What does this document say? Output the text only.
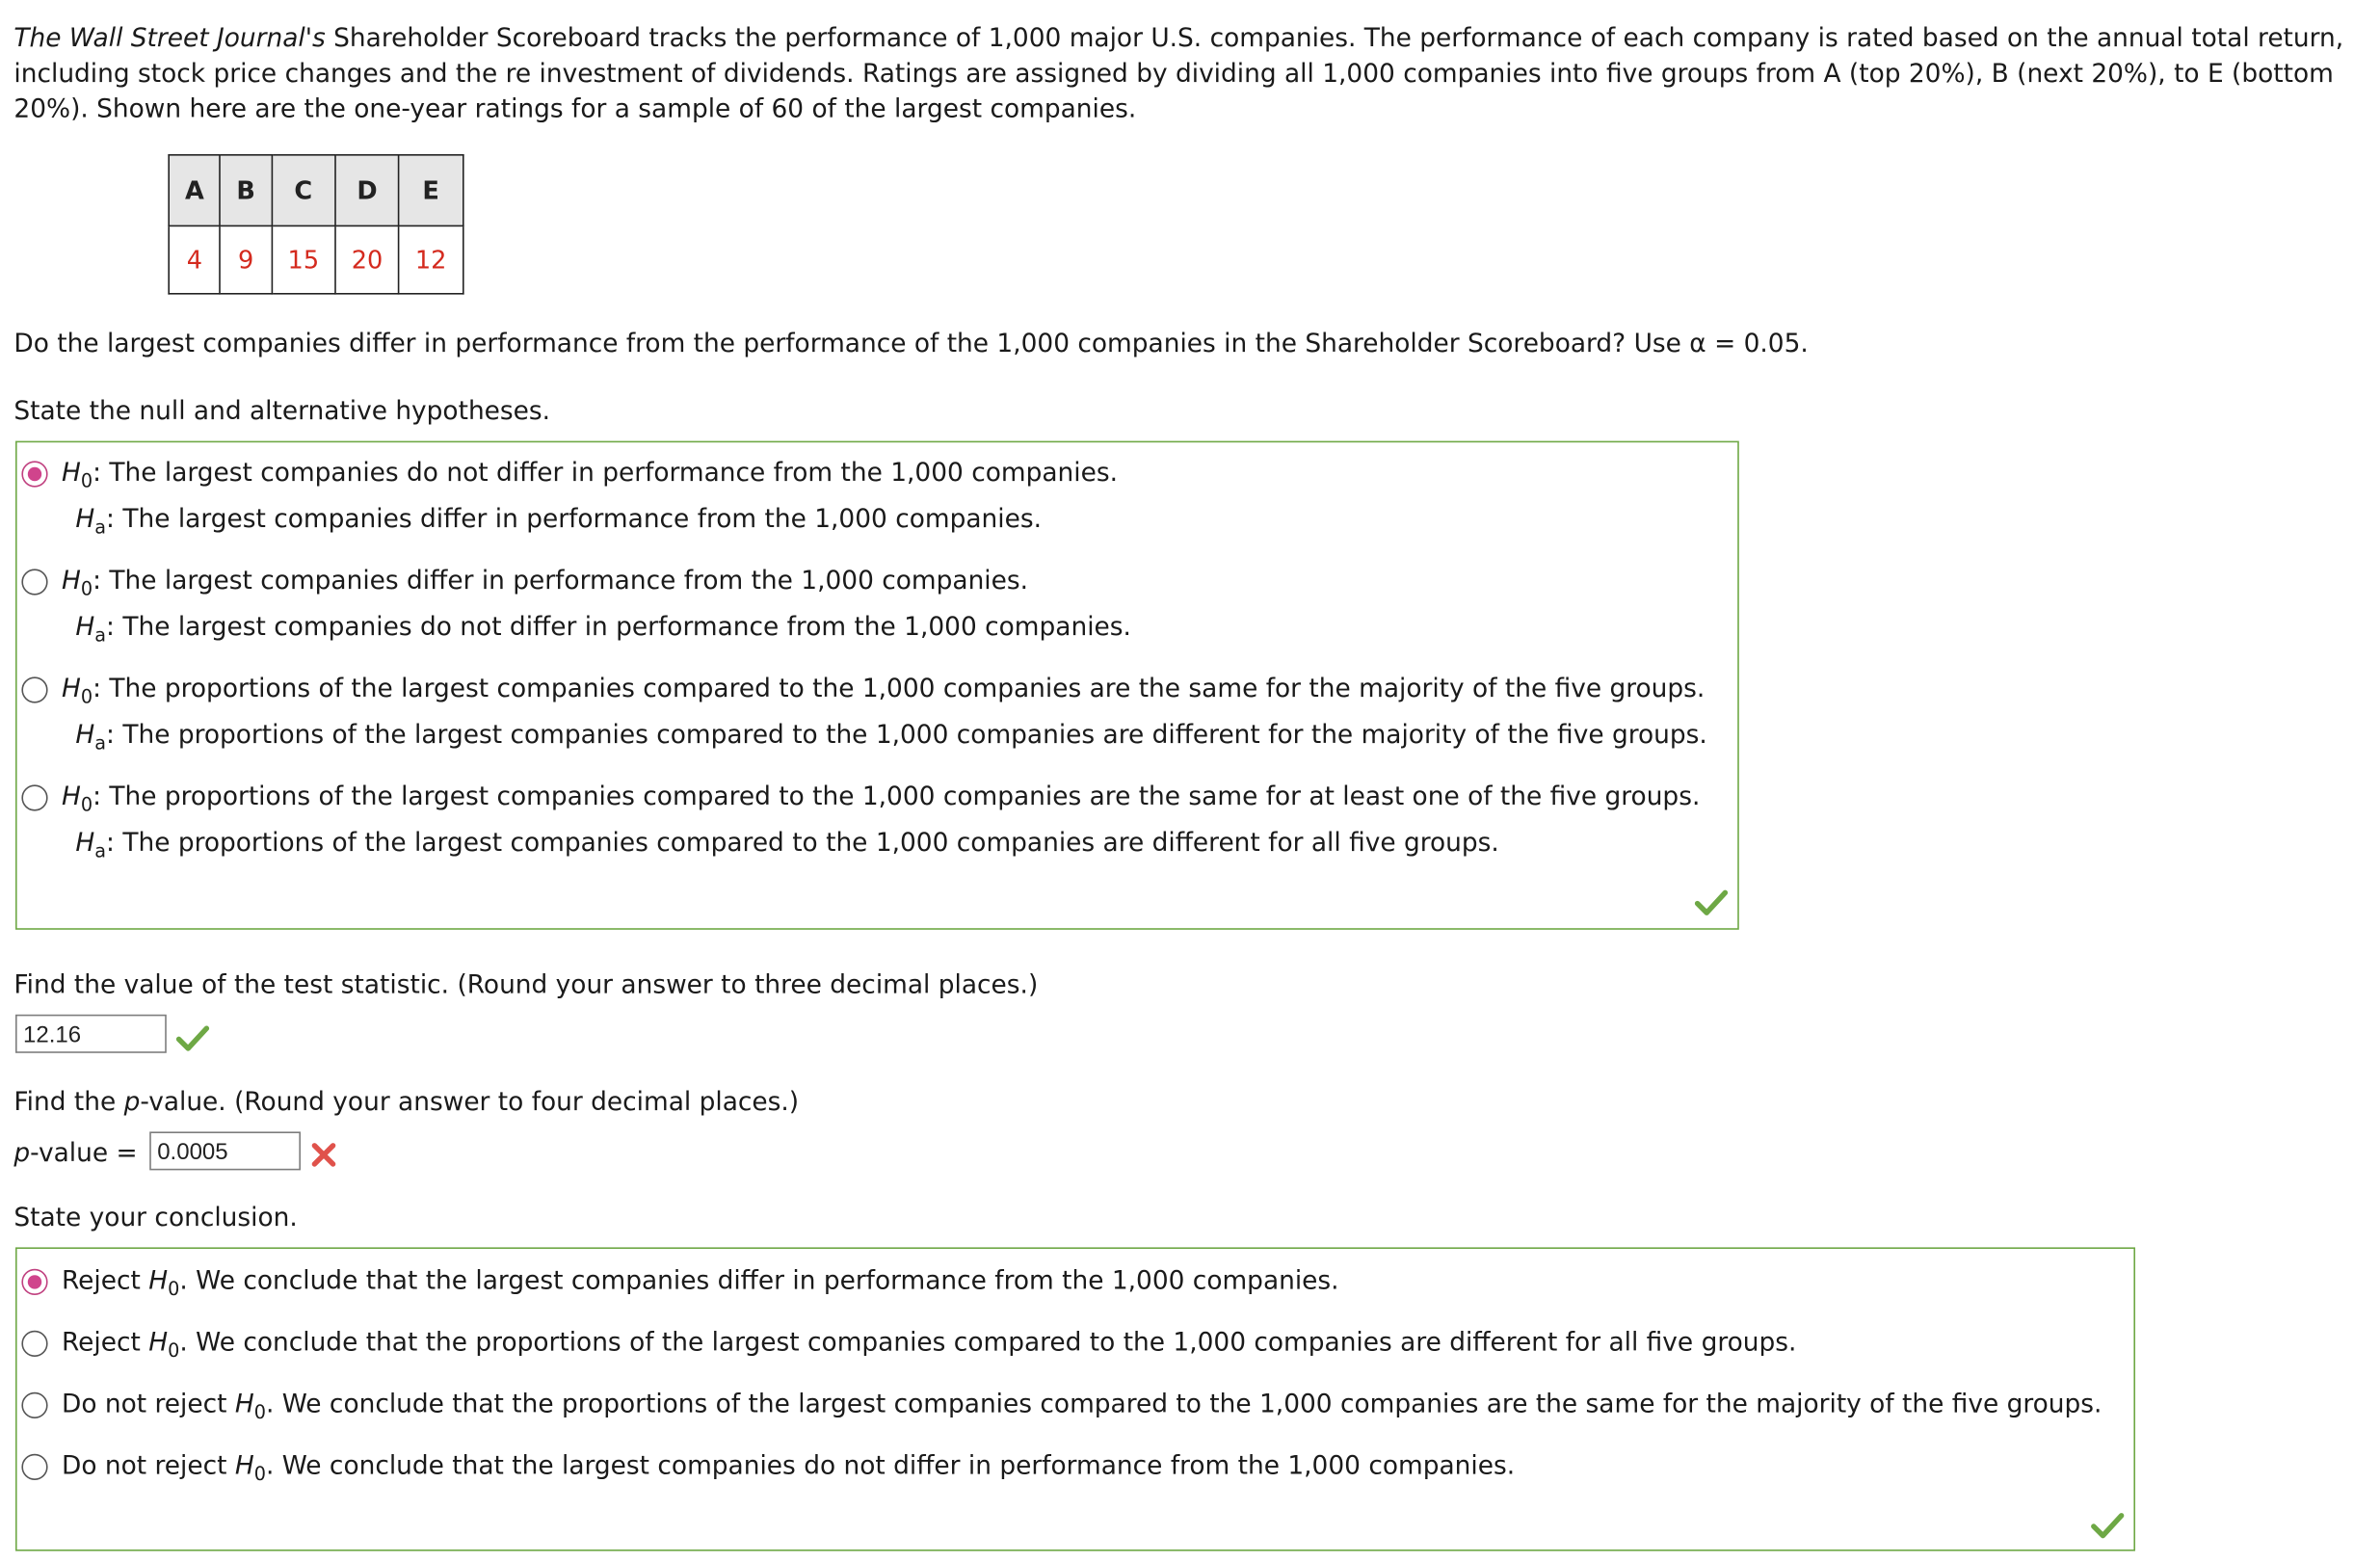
The Wall Street Journal's Shareholder Scoreboard tracks the performance of 1,000 major U.S. companies. The performance of each company is rated based on the annual total return, including stock price changes and the re investment of dividends. Ratings are assigned by dividing all 1,000 companies into five groups from A (top 20%), B (next 20%), to E (bottom 20%). Shown here are the one-year ratings for a sample of 60 of the largest companies.

A	B	C	D	E
4	9	15	20	12

Do the largest companies differ in performance from the performance of the 1,000 companies in the Shareholder Scoreboard? Use α = 0.05.

State the null and alternative hypotheses.

$H_0$: The largest companies do not differ in performance from the 1,000 companies.
$H_a$: The largest companies differ in performance from the 1,000 companies.
$H_0$: The largest companies differ in performance from the 1,000 companies.
$H_a$: The largest companies do not differ in performance from the 1,000 companies.
$H_0$: The proportions of the largest companies compared to the 1,000 companies are the same for the majority of the five groups.
$H_a$: The proportions of the largest companies compared to the 1,000 companies are different for the majority of the five groups.
$H_0$: The proportions of the largest companies compared to the 1,000 companies are the same for at least one of the five groups.
$H_a$: The proportions of the largest companies compared to the 1,000 companies are different for all five groups.

Find the value of the test statistic. (Round your answer to three decimal places.)

12.16

Find the p-value. (Round your answer to four decimal places.)

p-value =	0.0005

State your conclusion.

Reject $H_0$. We conclude that the largest companies differ in performance from the 1,000 companies.
Reject $H_0$. We conclude that the proportions of the largest companies compared to the 1,000 companies are different for all five groups.
Do not reject $H_0$. We conclude that the proportions of the largest companies compared to the 1,000 companies are the same for the majority of the five groups.
Do not reject $H_0$. We conclude that the largest companies do not differ in performance from the 1,000 companies.
